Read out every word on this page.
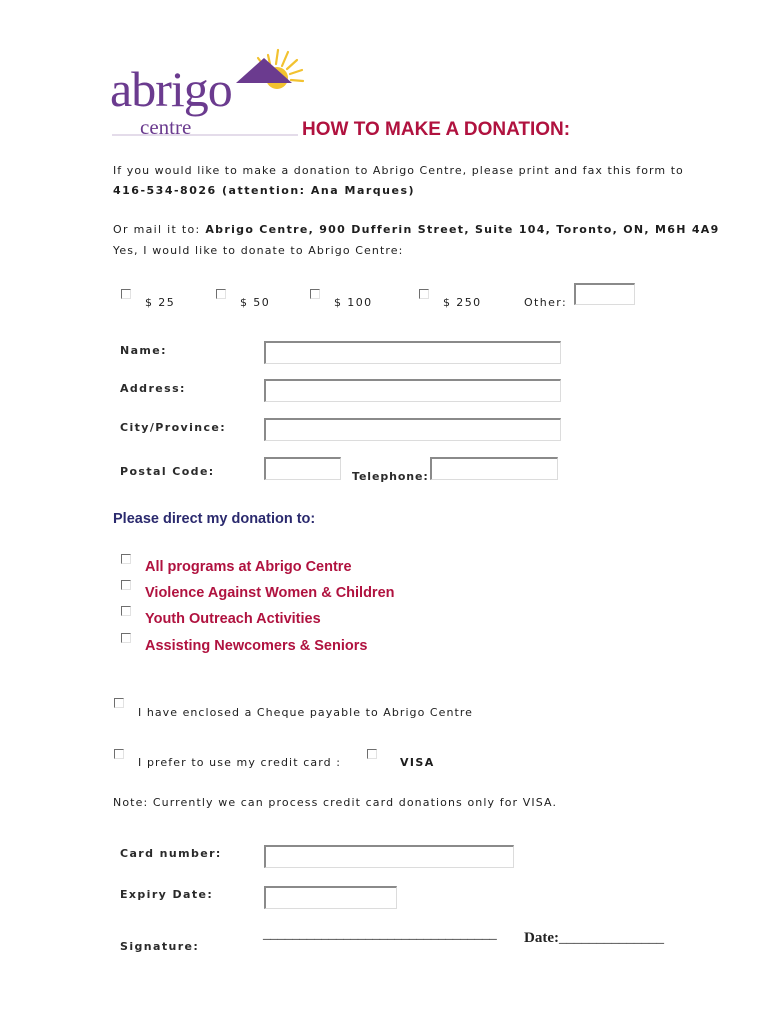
abrigo
centre	HOW TO MAKE A DONATION:
If you would like to make a donation to Abrigo Centre, please print and fax this form to
416-534-8026 (attention: Ana Marques)
Or mail it to: Abrigo Centre, 900 Dufferin Street, Suite 104, Toronto, ON, M6H 4A9
Yes, I would like to donate to Abrigo Centre:
$ 25	$ 50	$ 100	$ 250	Other:
Name:
Address:
City/Province:
Postal Code:	Telephone:
Please direct my donation to:
All programs at Abrigo Centre
Violence Against Women & Children
Youth Outreach Activities
Assisting Newcomers & Seniors
I have enclosed a Cheque payable to Abrigo Centre
I prefer to use my credit card :	VISA
Note: Currently we can process credit card donations only for VISA.
Card number:
Expiry Date:
Signature:
________________________________ Date:______________
